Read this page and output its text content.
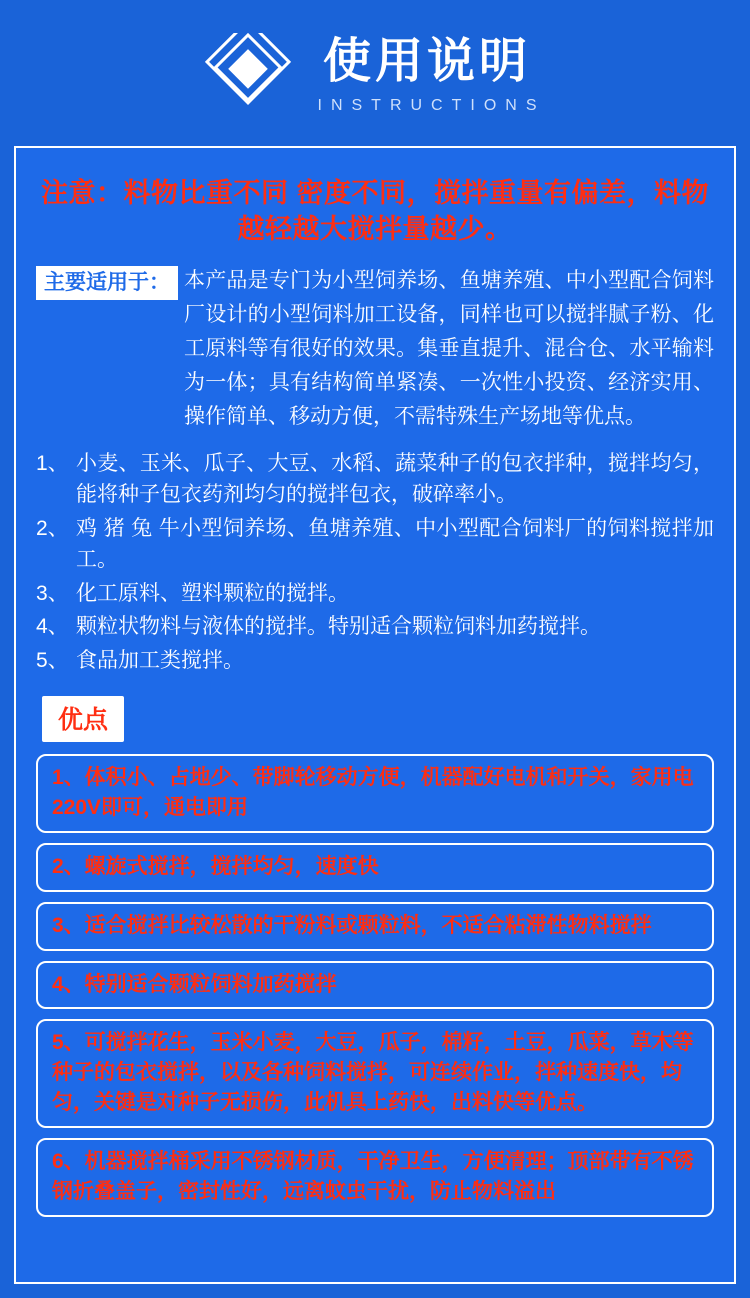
使用说明
INSTRUCTIONS
注意：料物比重不同 密度不同，搅拌重量有偏差，料物越轻越大搅拌量越少。
主要适用于： 本产品是专门为小型饲养场、鱼塘养殖、中小型配合饲料厂设计的小型饲料加工设备，同样也可以搅拌腻子粉、化工原料等有很好的效果。集垂直提升、混合仓、水平输料为一体；具有结构简单紧凑、一次性小投资、经济实用、操作简单、移动方便，不需特殊生产场地等优点。
1、 小麦、玉米、瓜子、大豆、水稻、蔬菜种子的包衣拌种，搅拌均匀，能将种子包衣药剂均匀的搅拌包衣，破碎率小。
2、 鸡 猪 兔 牛小型饲养场、鱼塘养殖、中小型配合饲料厂的饲料搅拌加工。
3、 化工原料、塑料颗粒的搅拌。
4、 颗粒状物料与液体的搅拌。特别适合颗粒饲料加药搅拌。
5、 食品加工类搅拌。
优点
1、体积小、占地少、带脚轮移动方便，机器配好电机和开关，家用电220V即可，通电即用
2、螺旋式搅拌，搅拌均匀，速度快
3、适合搅拌比较松散的干粉料或颗粒料，不适合粘滞性物料搅拌
4、特别适合颗粒饲料加药搅拌
5、可搅拌花生，玉米小麦，大豆，瓜子，棉籽，土豆，瓜菜，草木等种子的包衣搅拌，以及各种饲料搅拌，可连续作业，拌种速度快，均匀，关键是对种子无损伤，此机具上药快，出料快等优点。
6、机器搅拌桶采用不锈钢材质，干净卫生，方便清理；顶部带有不锈钢折叠盖子，密封性好，远离蚊虫干扰，防止物料溢出
